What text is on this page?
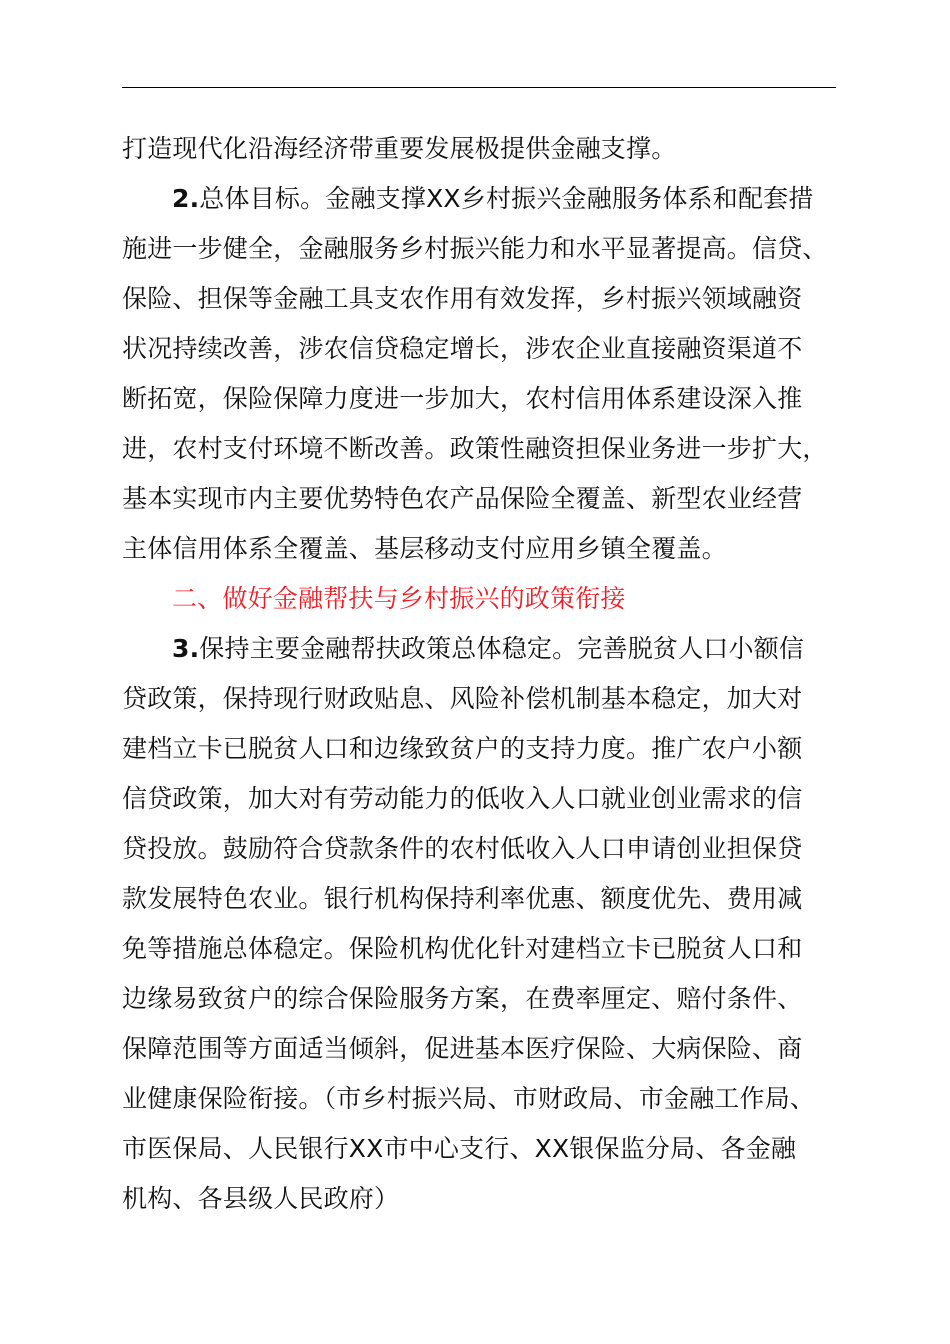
打造现代化沿海经济带重要发展极提供金融支撑。
2.总体目标。金融支撑XX乡村振兴金融服务体系和配套措
施进一步健全，金融服务乡村振兴能力和水平显著提高。信贷、
保险、担保等金融工具支农作用有效发挥，乡村振兴领域融资
状况持续改善，涉农信贷稳定增长，涉农企业直接融资渠道不
断拓宽，保险保障力度进一步加大，农村信用体系建设深入推
进，农村支付环境不断改善。政策性融资担保业务进一步扩大，
基本实现市内主要优势特色农产品保险全覆盖、新型农业经营
主体信用体系全覆盖、基层移动支付应用乡镇全覆盖。
二、做好金融帮扶与乡村振兴的政策衔接
3.保持主要金融帮扶政策总体稳定。完善脱贫人口小额信
贷政策，保持现行财政贴息、风险补偿机制基本稳定，加大对
建档立卡已脱贫人口和边缘致贫户的支持力度。推广农户小额
信贷政策，加大对有劳动能力的低收入人口就业创业需求的信
贷投放。鼓励符合贷款条件的农村低收入人口申请创业担保贷
款发展特色农业。银行机构保持利率优惠、额度优先、费用减
免等措施总体稳定。保险机构优化针对建档立卡已脱贫人口和
边缘易致贫户的综合保险服务方案，在费率厘定、赔付条件、
保障范围等方面适当倾斜，促进基本医疗保险、大病保险、商
业健康保险衔接。（市乡村振兴局、市财政局、市金融工作局、
市医保局、人民银行XX市中心支行、XX银保监分局、各金融
机构、各县级人民政府）
